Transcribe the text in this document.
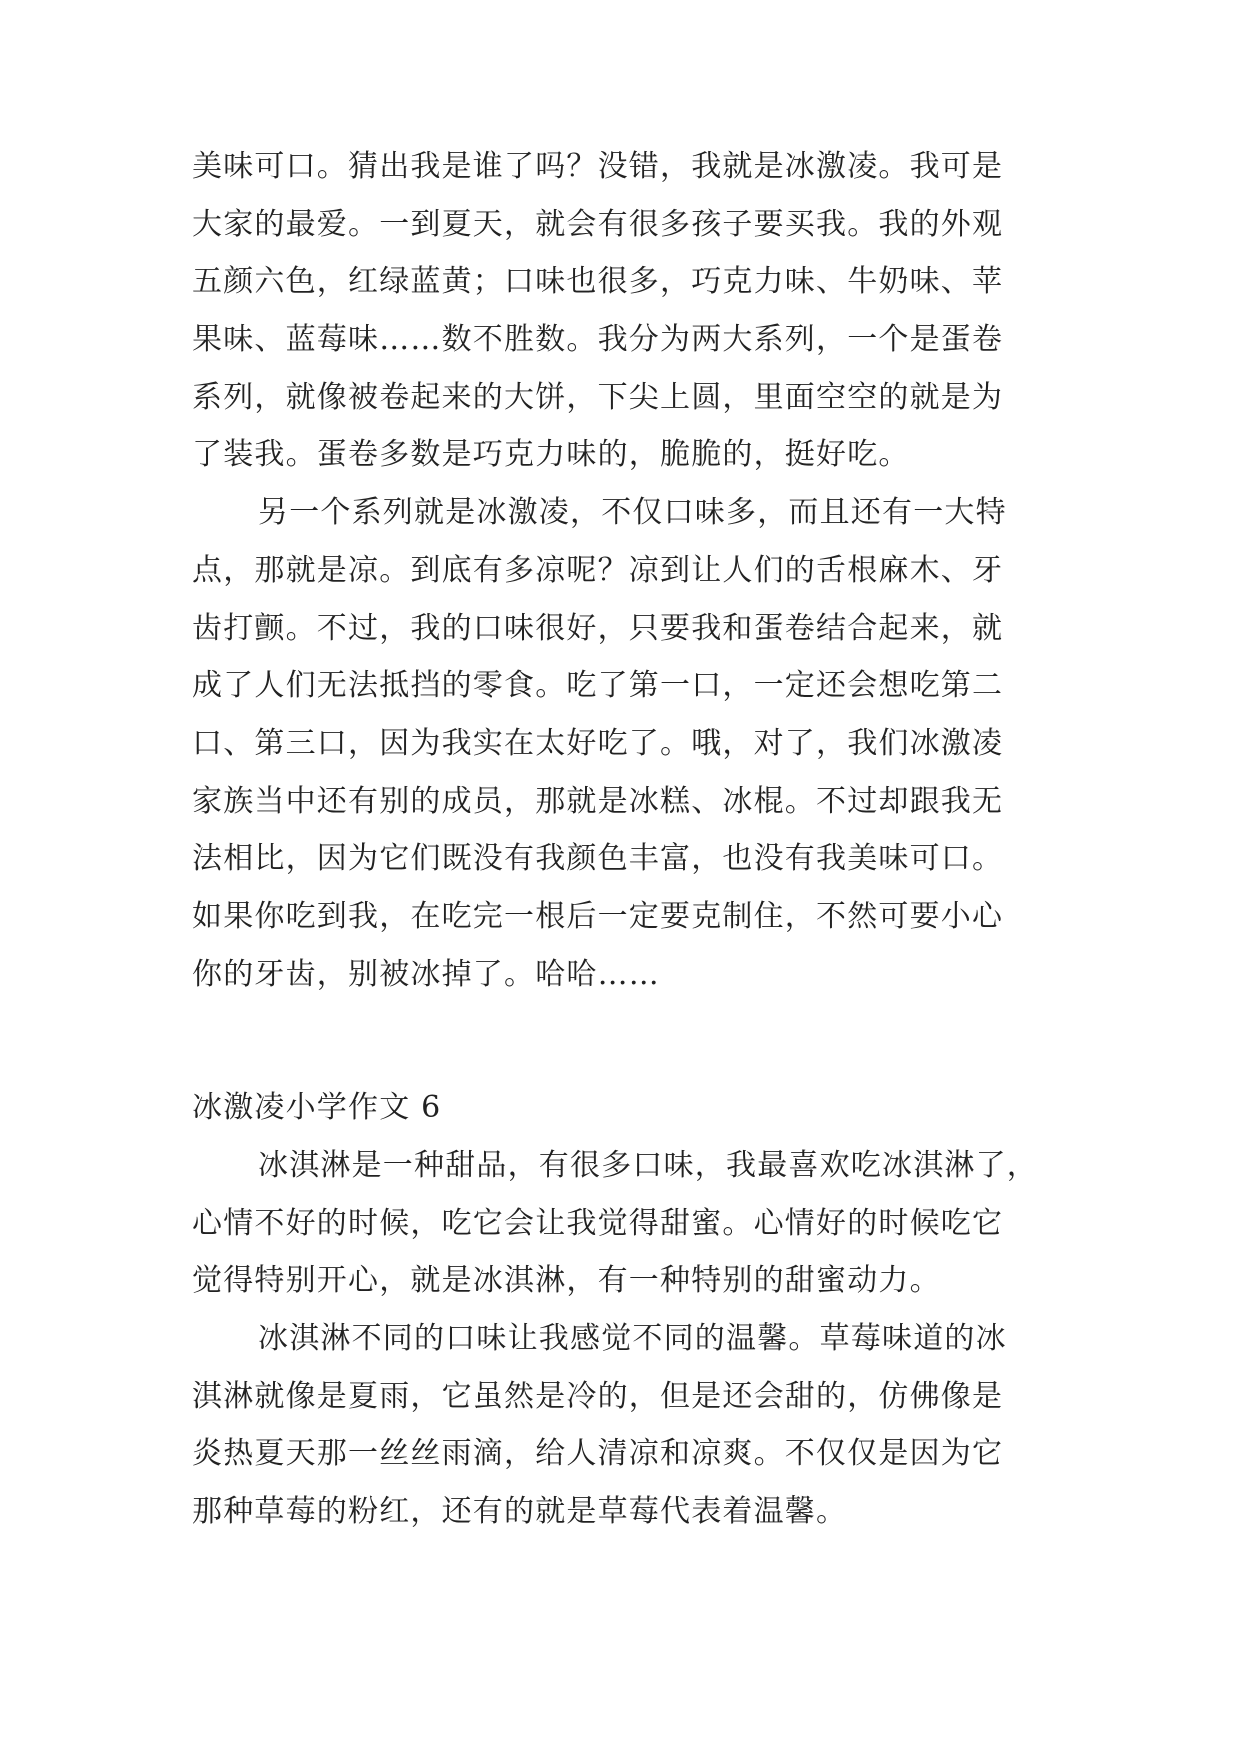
美味可口。猜出我是谁了吗？没错，我就是冰激凌。我可是
大家的最爱。一到夏天，就会有很多孩子要买我。我的外观
五颜六色，红绿蓝黄；口味也很多，巧克力味、牛奶味、苹
果味、蓝莓味……数不胜数。我分为两大系列，一个是蛋卷
系列，就像被卷起来的大饼，下尖上圆，里面空空的就是为
了装我。蛋卷多数是巧克力味的，脆脆的，挺好吃。
另一个系列就是冰激凌，不仅口味多，而且还有一大特
点，那就是凉。到底有多凉呢？凉到让人们的舌根麻木、牙
齿打颤。不过，我的口味很好，只要我和蛋卷结合起来，就
成了人们无法抵挡的零食。吃了第一口，一定还会想吃第二
口、第三口，因为我实在太好吃了。哦，对了，我们冰激凌
家族当中还有别的成员，那就是冰糕、冰棍。不过却跟我无
法相比，因为它们既没有我颜色丰富，也没有我美味可口。
如果你吃到我，在吃完一根后一定要克制住，不然可要小心
你的牙齿，别被冰掉了。哈哈……
冰激凌小学作文 6
冰淇淋是一种甜品，有很多口味，我最喜欢吃冰淇淋了，
心情不好的时候，吃它会让我觉得甜蜜。心情好的时候吃它
觉得特别开心，就是冰淇淋，有一种特别的甜蜜动力。
冰淇淋不同的口味让我感觉不同的温馨。草莓味道的冰
淇淋就像是夏雨，它虽然是冷的，但是还会甜的，仿佛像是
炎热夏天那一丝丝雨滴，给人清凉和凉爽。不仅仅是因为它
那种草莓的粉红，还有的就是草莓代表着温馨。
